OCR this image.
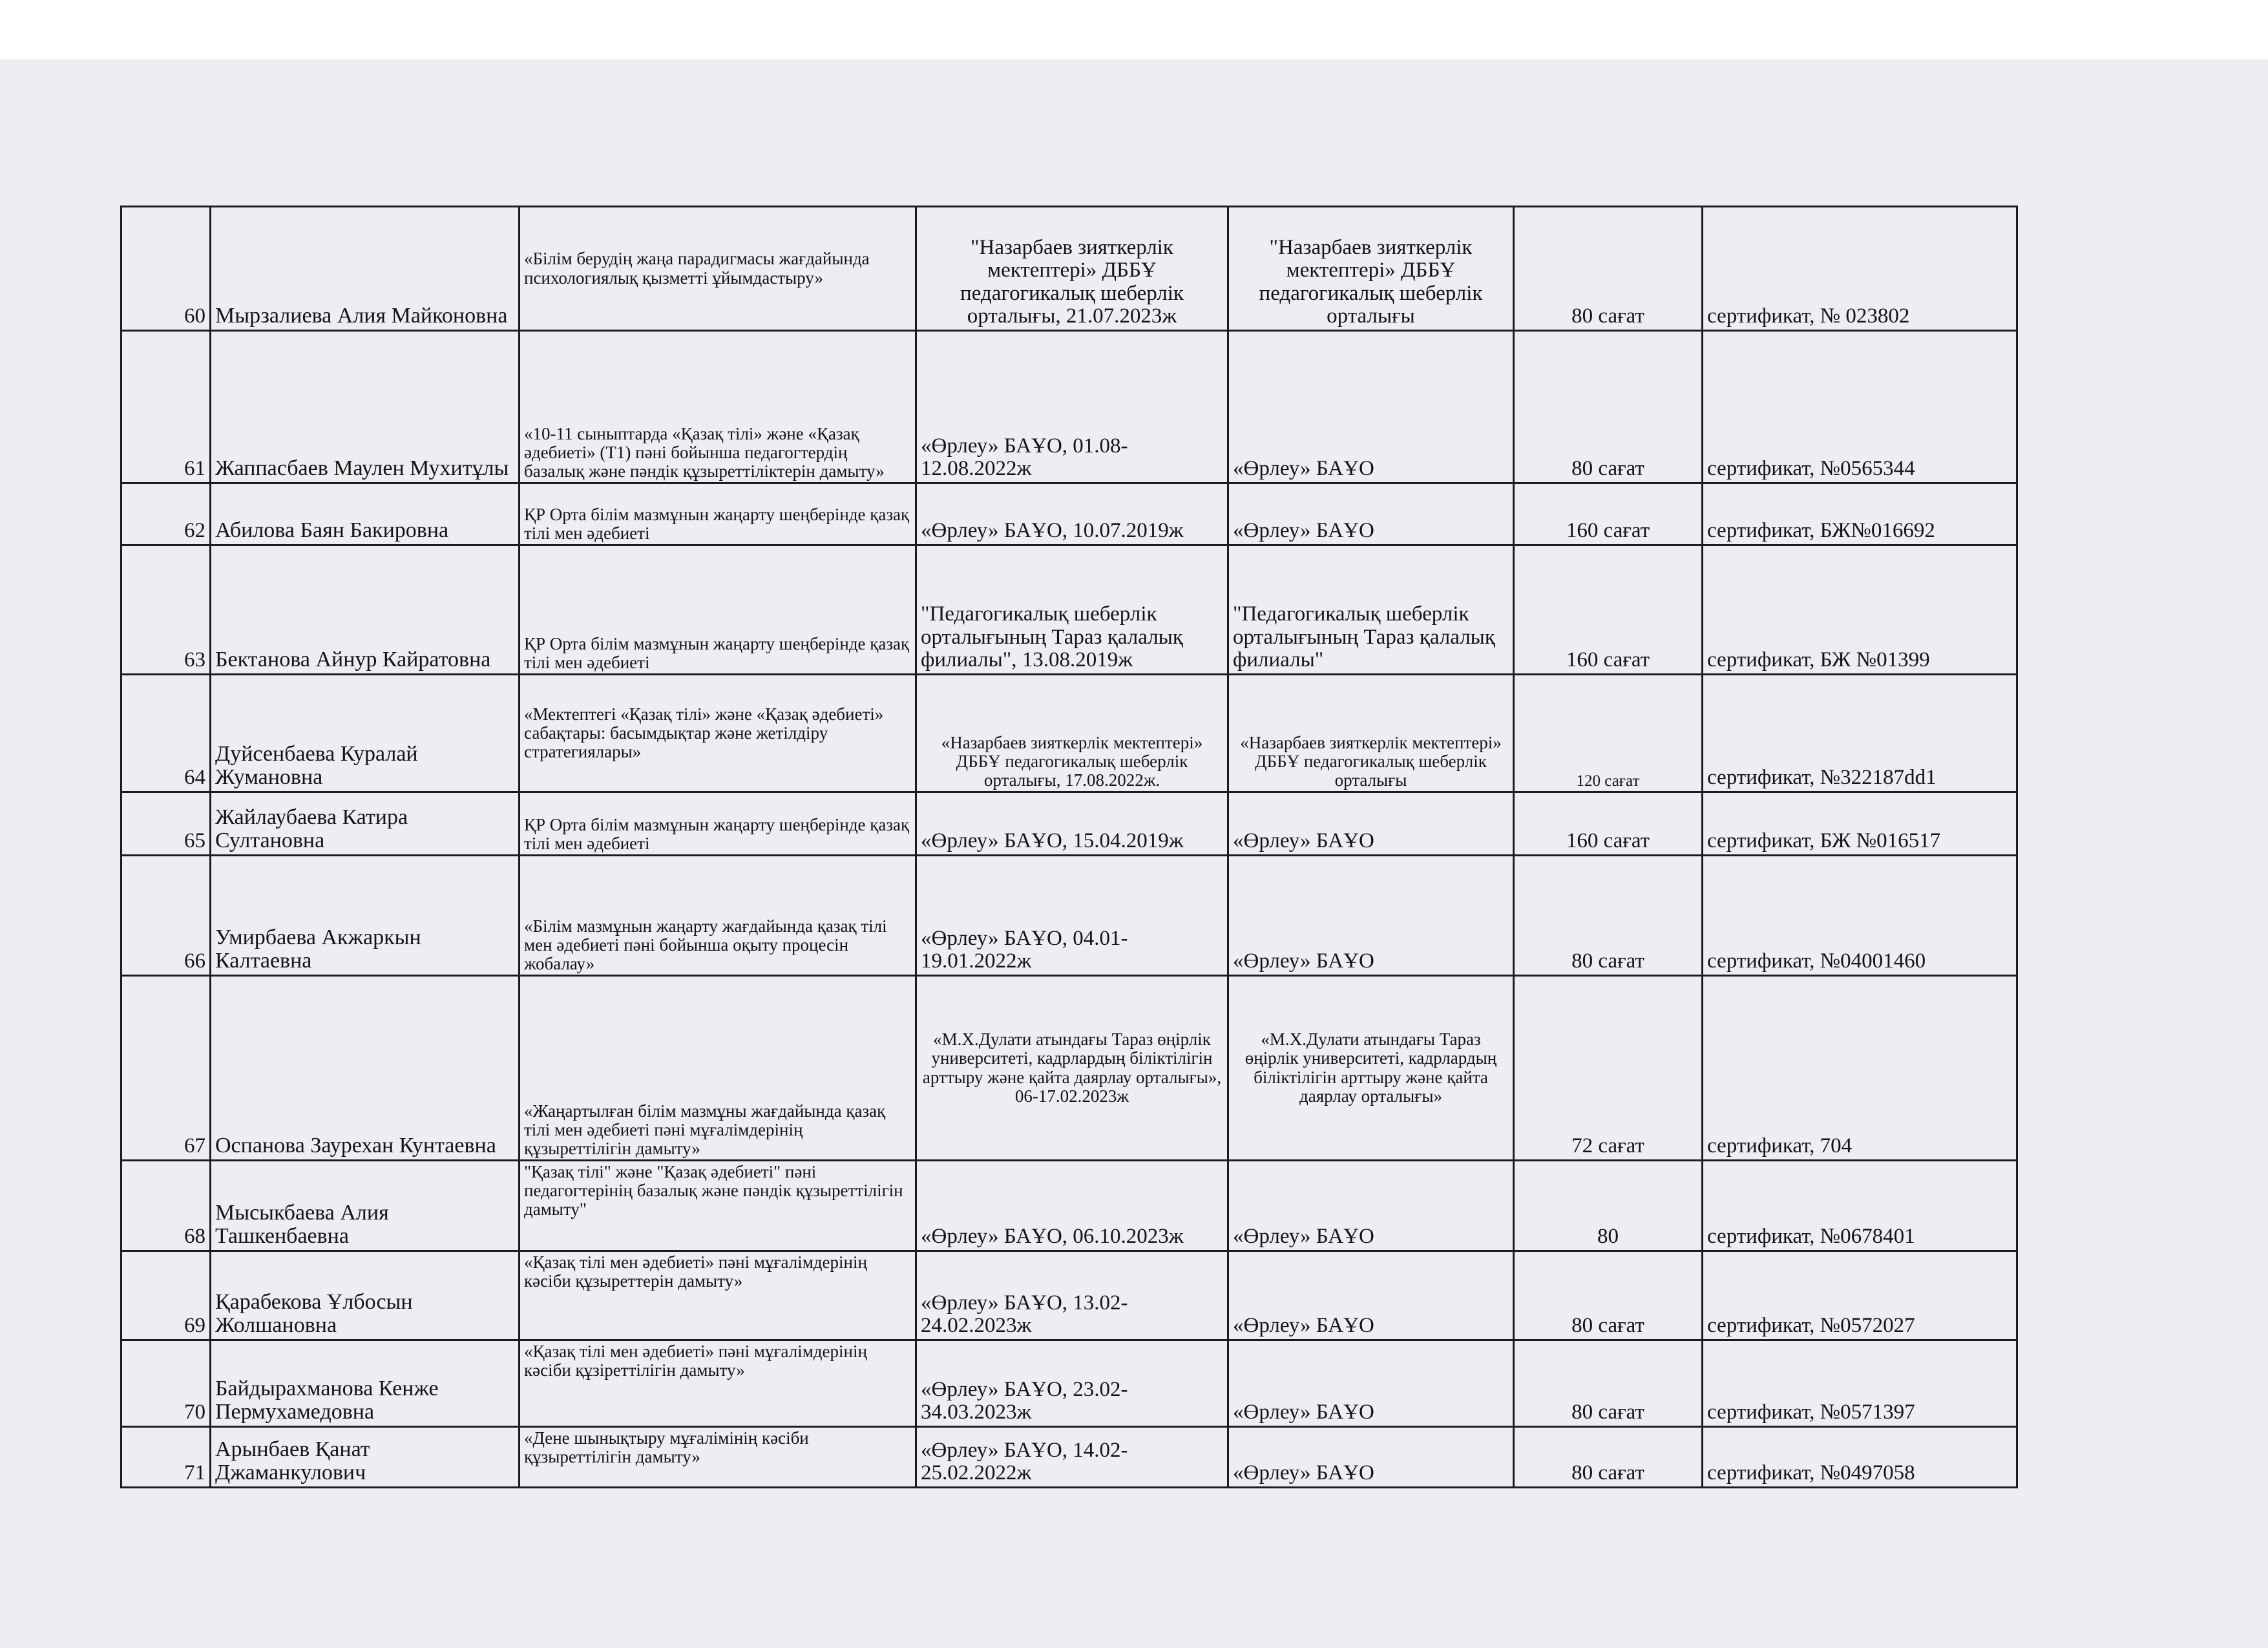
60	Мырзалиева Алия Майконовна	«Білім берудің жаңа парадигмасы жағдайында психологиялық қызметті ұйымдастыру»	"Назарбаев зияткерлік мектептері» ДББҰ педагогикалық шеберлік орталығы, 21.07.2023ж	"Назарбаев зияткерлік мектептері» ДББҰ педагогикалық шеберлік орталығы	80 сағат	сертификат, № 023802
61	Жаппасбаев Маулен Мухитұлы	«10-11 сыныптарда «Қазақ тілі» және «Қазақ әдебиеті» (Т1) пәні бойынша педагогтердің базалық және пәндік құзыреттіліктерін дамыту»	«Өрлеу» БАҰО, 01.08-12.08.2022ж	«Өрлеу» БАҰО	80 сағат	сертификат, №0565344
62	Абилова Баян Бакировна	ҚР Орта білім мазмұнын жаңарту шеңберінде қазақ тілі мен әдебиеті	«Өрлеу» БАҰО, 10.07.2019ж	«Өрлеу» БАҰО	160 сағат	сертификат, БЖ№016692
63	Бектанова Айнур Кайратовна	ҚР Орта білім мазмұнын жаңарту шеңберінде қазақ тілі мен әдебиеті	"Педагогикалық шеберлік орталығының Тараз қалалық филиалы", 13.08.2019ж	"Педагогикалық шеберлік орталығының Тараз қалалық филиалы"	160 сағат	сертификат, БЖ №01399
64	Дуйсенбаева Куралай Жумановна	«Мектептегі «Қазақ тілі» және «Қазақ әдебиеті» сабақтары: басымдықтар және жетілдіру стратегиялары»	«Назарбаев зияткерлік мектептері» ДББҰ педагогикалық шеберлік орталығы, 17.08.2022ж.	«Назарбаев зияткерлік мектептері» ДББҰ педагогикалық шеберлік орталығы	120 сағат	сертификат, №322187dd1
65	Жайлаубаева Катира Султановна	ҚР Орта білім мазмұнын жаңарту шеңберінде қазақ тілі мен әдебиеті	«Өрлеу» БАҰО, 15.04.2019ж	«Өрлеу» БАҰО	160 сағат	сертификат, БЖ №016517
66	Умирбаева Акжаркын Калтаевна	«Білім мазмұнын жаңарту жағдайында қазақ тілі мен әдебиеті пәні бойынша оқыту процесін жобалау»	«Өрлеу» БАҰО, 04.01-19.01.2022ж	«Өрлеу» БАҰО	80 сағат	сертификат, №04001460
67	Оспанова Заурехан Кунтаевна	«Жаңартылған білім мазмұны жағдайында қазақ тілі мен әдебиеті пәні мұғалімдерінің құзыреттілігін дамыту»	«М.Х.Дулати атындағы Тараз өңірлік университеті, кадрлардың біліктілігін арттыру және қайта даярлау орталығы», 06-17.02.2023ж	«М.Х.Дулати атындағы Тараз өңірлік университеті, кадрлардың біліктілігін арттыру және қайта даярлау орталығы»	72 сағат	сертификат, 704
68	Мысыкбаева Алия Ташкенбаевна	"Қазақ тілі" және "Қазақ әдебиеті" пәні педагогтерінің базалық және пәндік құзыреттілігін дамыту"	«Өрлеу» БАҰО, 06.10.2023ж	«Өрлеу» БАҰО	80	сертификат, №0678401
69	Қарабекова Ұлбосын Жолшановна	«Қазақ тілі мен әдебиеті» пәні мұғалімдерінің кәсіби құзыреттерін дамыту»	«Өрлеу» БАҰО, 13.02-24.02.2023ж	«Өрлеу» БАҰО	80 сағат	сертификат, №0572027
70	Байдырахманова Кенже Пермухамедовна	«Қазақ тілі мен әдебиеті» пәні мұғалімдерінің кәсіби құзіреттілігін дамыту»	«Өрлеу» БАҰО, 23.02-34.03.2023ж	«Өрлеу» БАҰО	80 сағат	сертификат, №0571397
71	Арынбаев Қанат Джаманкулович	«Дене шынықтыру мұғалімінің кәсіби құзыреттілігін дамыту»	«Өрлеу» БАҰО, 14.02-25.02.2022ж	«Өрлеу» БАҰО	80 сағат	сертификат, №0497058
